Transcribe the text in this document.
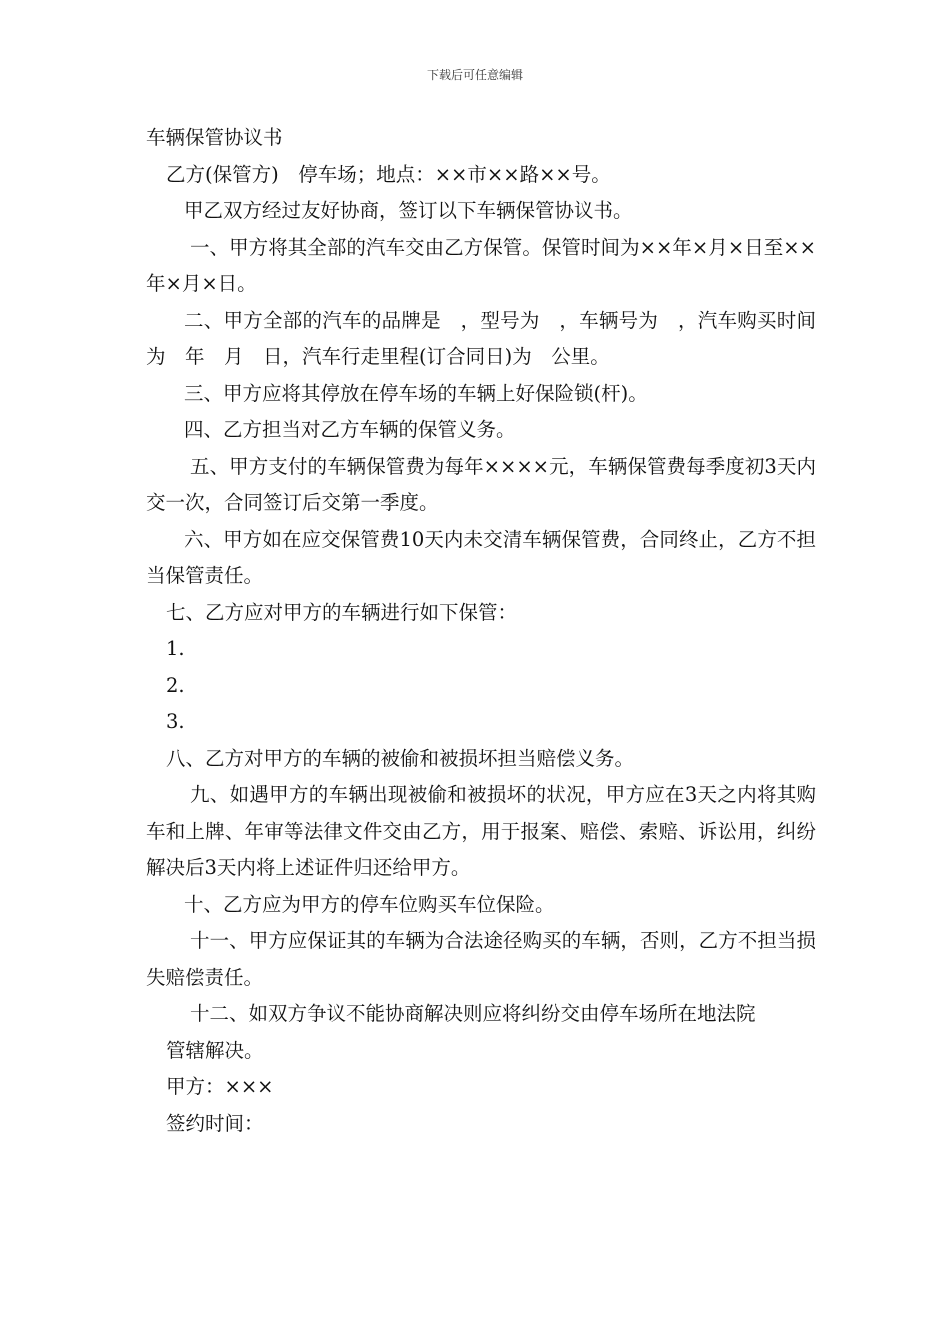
下载后可任意编辑

车辆保管协议书

乙方(保管方)　停车场；地点：××市××路××号。

甲乙双方经过友好协商，签订以下车辆保管协议书。

一、甲方将其全部的汽车交由乙方保管。保管时间为××年×月×日至××年×月×日。

二、甲方全部的汽车的品牌是　，型号为　，车辆号为　，汽车购买时间为　年　月　日，汽车行走里程(订合同日)为　公里。

三、甲方应将其停放在停车场的车辆上好保险锁(杆)。

四、乙方担当对乙方车辆的保管义务。

五、甲方支付的车辆保管费为每年××××元，车辆保管费每季度初3天内交一次，合同签订后交第一季度。

六、甲方如在应交保管费10天内未交清车辆保管费，合同终止，乙方不担当保管责任。

七、乙方应对甲方的车辆进行如下保管：

1.

2.

3.

八、乙方对甲方的车辆的被偷和被损坏担当赔偿义务。

九、如遇甲方的车辆出现被偷和被损坏的状况，甲方应在3天之内将其购车和上牌、年审等法律文件交由乙方，用于报案、赔偿、索赔、诉讼用，纠纷解决后3天内将上述证件归还给甲方。

十、乙方应为甲方的停车位购买车位保险。

十一、甲方应保证其的车辆为合法途径购买的车辆，否则，乙方不担当损失赔偿责任。

十二、如双方争议不能协商解决则应将纠纷交由停车场所在地法院

管辖解决。

甲方：×××

签约时间：
